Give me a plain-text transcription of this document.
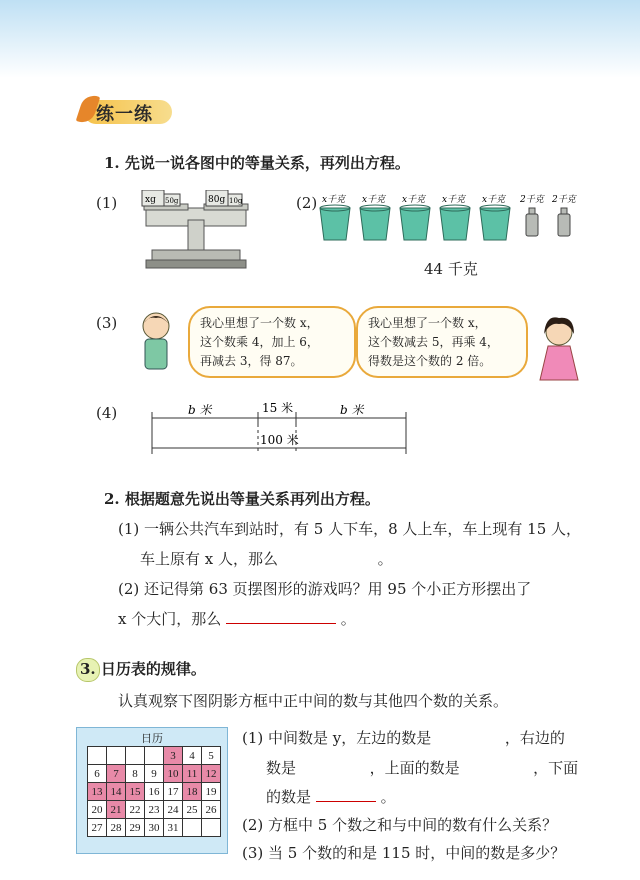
练一练
1. 先说一说各图中的等量关系，再列出方程。
(1)	xg 50g	80g 10g	(2) x千克 x千克 x千克 x千克 x千克 2千克 2千克
44 千克
(3)	我心里想了一个数 x，
这个数乘 4，加上 6，
再减去 3，得 87。
我心里想了一个数 x，
这个数减去 5，再乘 4，
得数是这个数的 2 倍。
(4)	b 米	15 米	b 米
100 米
2. 根据题意先说出等量关系再列出方程。
(1) 一辆公共汽车到站时，有 5 人下车，8 人上车，车上现有 15 人，
车上原有 x 人，那么	。
(2) 还记得第 63 页摆图形的游戏吗？用 95 个小正方形摆出了
x 个大门，那么	。
3. 日历表的规律。
认真观察下图阴影方框中正中间的数与其他四个数的关系。
日历
				3	4	5
6	7	8	9	10	11	12
13	14	15	16	17	18	19
20	21	22	23	24	25	26
27	28	29	30	31		
(1) 中间数是 y，左边的数是	，右边的
数是	，上面的数是	，下面
的数是	。
(2) 方框中 5 个数之和与中间的数有什么关系？
(3) 当 5 个数的和是 115 时，中间的数是多少？
